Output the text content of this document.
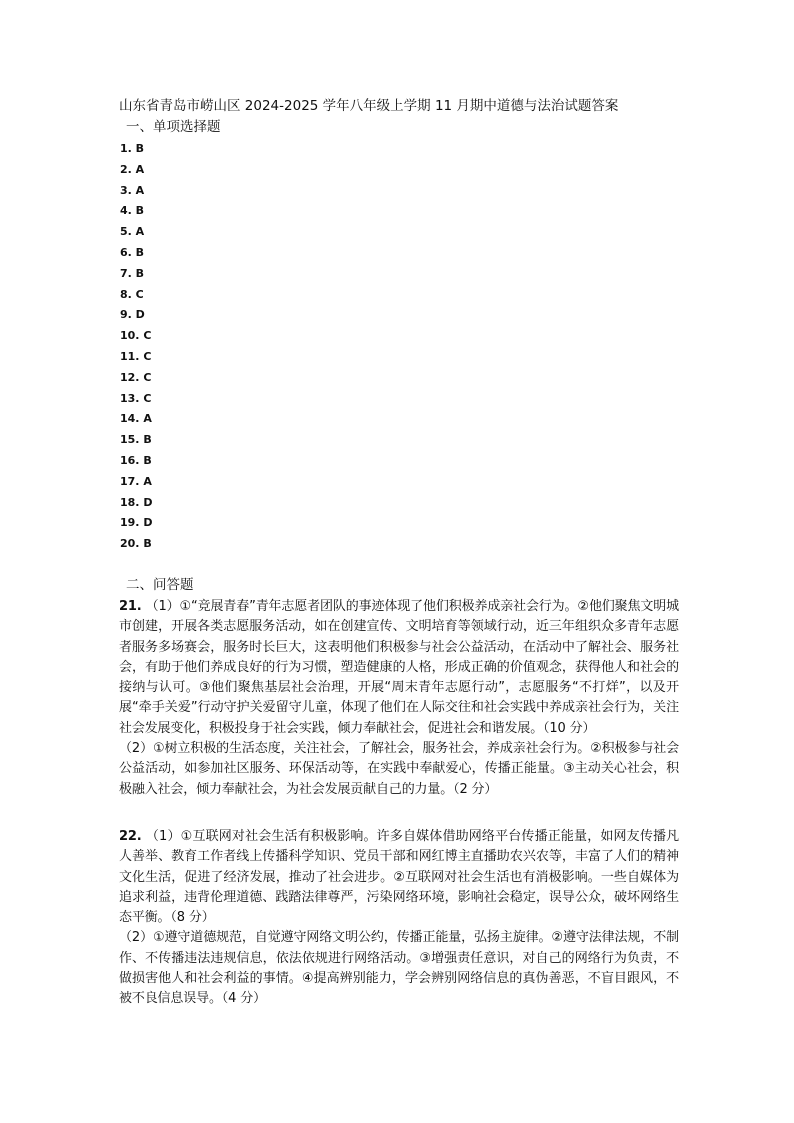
山东省青岛市崂山区 2024-2025 学年八年级上学期 11 月期中道德与法治试题答案
一、单项选择题
1. B
2. A
3. A
4. B
5. A
6. B
7. B
8. C
9. D
10. C
11. C
12. C
13. C
14. A
15. B
16. B
17. A
18. D
19. D
20. B
二、问答题

21. （1）①“竞展青春”青年志愿者团队的事迹体现了他们积极养成亲社会行为。②他们聚焦文明城市创建，开展各类志愿服务活动，如在创建宣传、文明培育等领域行动，近三年组织众多青年志愿者服务多场赛会，服务时长巨大，这表明他们积极参与社会公益活动，在活动中了解社会、服务社会，有助于他们养成良好的行为习惯，塑造健康的人格，形成正确的价值观念，获得他人和社会的接纳与认可。③他们聚焦基层社会治理，开展“周末青年志愿行动”，志愿服务“不打烊”，以及开展“牵手关爱”行动守护关爱留守儿童，体现了他们在人际交往和社会实践中养成亲社会行为，关注社会发展变化，积极投身于社会实践，倾力奉献社会，促进社会和谐发展。（10 分）

（2）①树立积极的生活态度，关注社会，了解社会，服务社会，养成亲社会行为。②积极参与社会公益活动，如参加社区服务、环保活动等，在实践中奉献爱心，传播正能量。③主动关心社会，积极融入社会，倾力奉献社会，为社会发展贡献自己的力量。（2 分）

22. （1）①互联网对社会生活有积极影响。许多自媒体借助网络平台传播正能量，如网友传播凡人善举、教育工作者线上传播科学知识、党员干部和网红博主直播助农兴农等，丰富了人们的精神文化生活，促进了经济发展，推动了社会进步。②互联网对社会生活也有消极影响。一些自媒体为追求利益，违背伦理道德、践踏法律尊严，污染网络环境，影响社会稳定，误导公众，破坏网络生态平衡。（8 分）

（2）①遵守道德规范，自觉遵守网络文明公约，传播正能量，弘扬主旋律。②遵守法律法规，不制作、不传播违法违规信息，依法依规进行网络活动。③增强责任意识，对自己的网络行为负责，不做损害他人和社会利益的事情。④提高辨别能力，学会辨别网络信息的真伪善恶，不盲目跟风，不被不良信息误导。（4 分）
